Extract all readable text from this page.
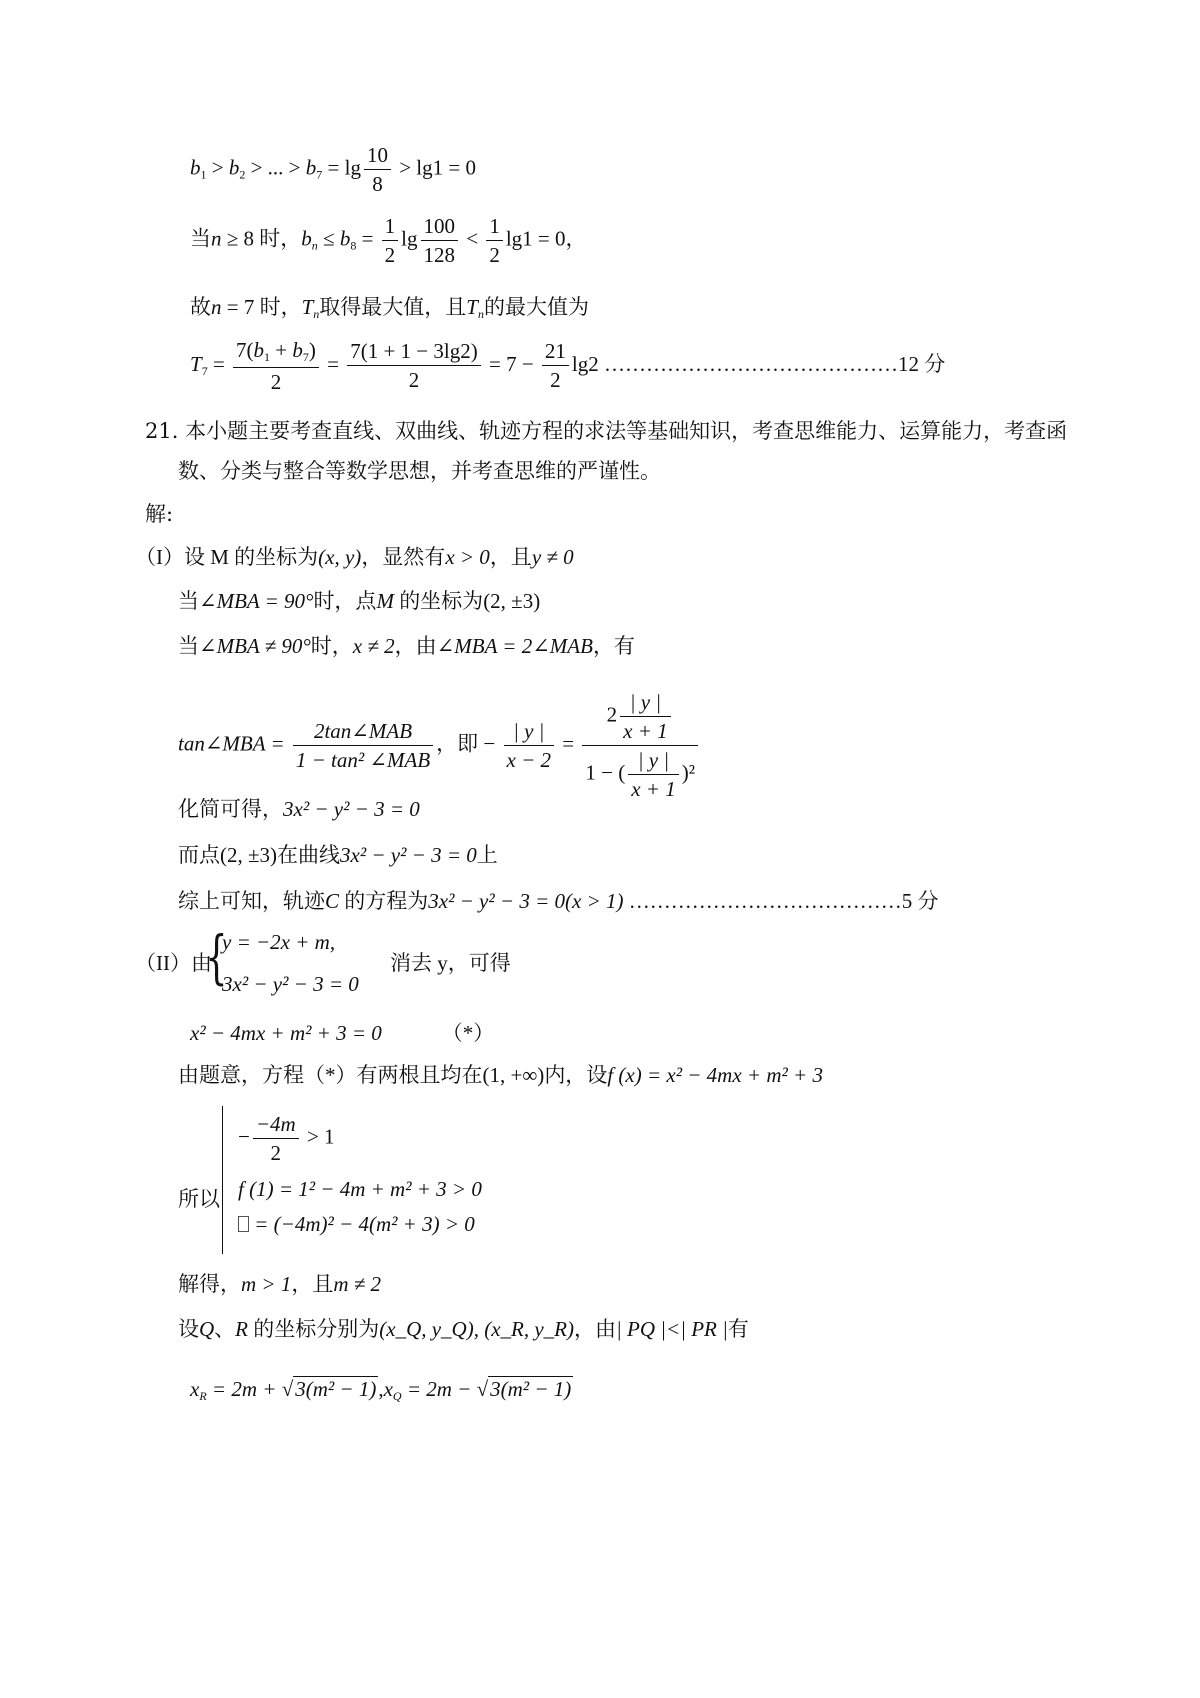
$b_1 > b_2$ > ... > $b_7 = \lg \frac{10}{8} > \lg 1 = 0$
当n ≥ 8 时，$b_n \le b_8 = \frac{1}{2}$ $\lg \frac{100}{128} < \frac{1}{2} \lg 1 = 0$，
故n = 7 时，$T_n$取得最大值，且$T_n$的最大值为
$T_7 = \frac{7(b_1 + b_7)}{2} = \frac{7(1 + 1 - 3\lg 2)}{2} = 7 - \frac{21}{2} \lg 2$ ……………………………………12 分
21. 本小题主要考查直线、双曲线、轨迹方程的求法等基础知识，考查思维能力、运算能力，考查函
数、分类与整合等数学思想，并考查思维的严谨性。
解:
（I）设 M 的坐标为(x, y)，显然有x > 0，且y ≠ 0
当∠MBA = 90°时，点M 的坐标为(2, ±3)
当∠MBA ≠ 90°时，x ≠ 2，由∠MBA = 2∠MAB，有
tan∠MBA = $\frac{\text{2tan∠MAB}}{\text{1 − tan² ∠MAB}}$ ，即 − $\frac{| y |}{x - 2} = \frac{2 \frac{| y |}{x + 1}}{1 - ( \frac{| y |}{x + 1} )^2}$
化简可得，3x² − y² − 3 = 0
而点(2, ±3)在曲线3x² − y² − 3 = 0上
综上可知，轨迹C 的方程为3x² − y² − 3 = 0(x > 1) …………………………………5 分
（II）由
{
y = −2x + m,
3x² − y² − 3 = 0
消去 y，可得
x² − 4mx + m² + 3 = 0	（*）
由题意，方程（*）有两根且均在(1, +∞)内，设f (x) = x² − 4mx + m² + 3
所以
− $\frac{-4m}{2} > 1$
f (1) = 1² − 4m + m² + 3 > 0
= (−4m)² − 4(m² + 3) > 0
解得，m > 1，且m ≠ 2
设Q、R 的坐标分别为(x_Q, y_Q), (x_R, y_R)，由| PQ |<| PR |有
$x_R = 2m + √3(m^2 - 1),x_Q = 2m - √3(m^2 - 1)$
